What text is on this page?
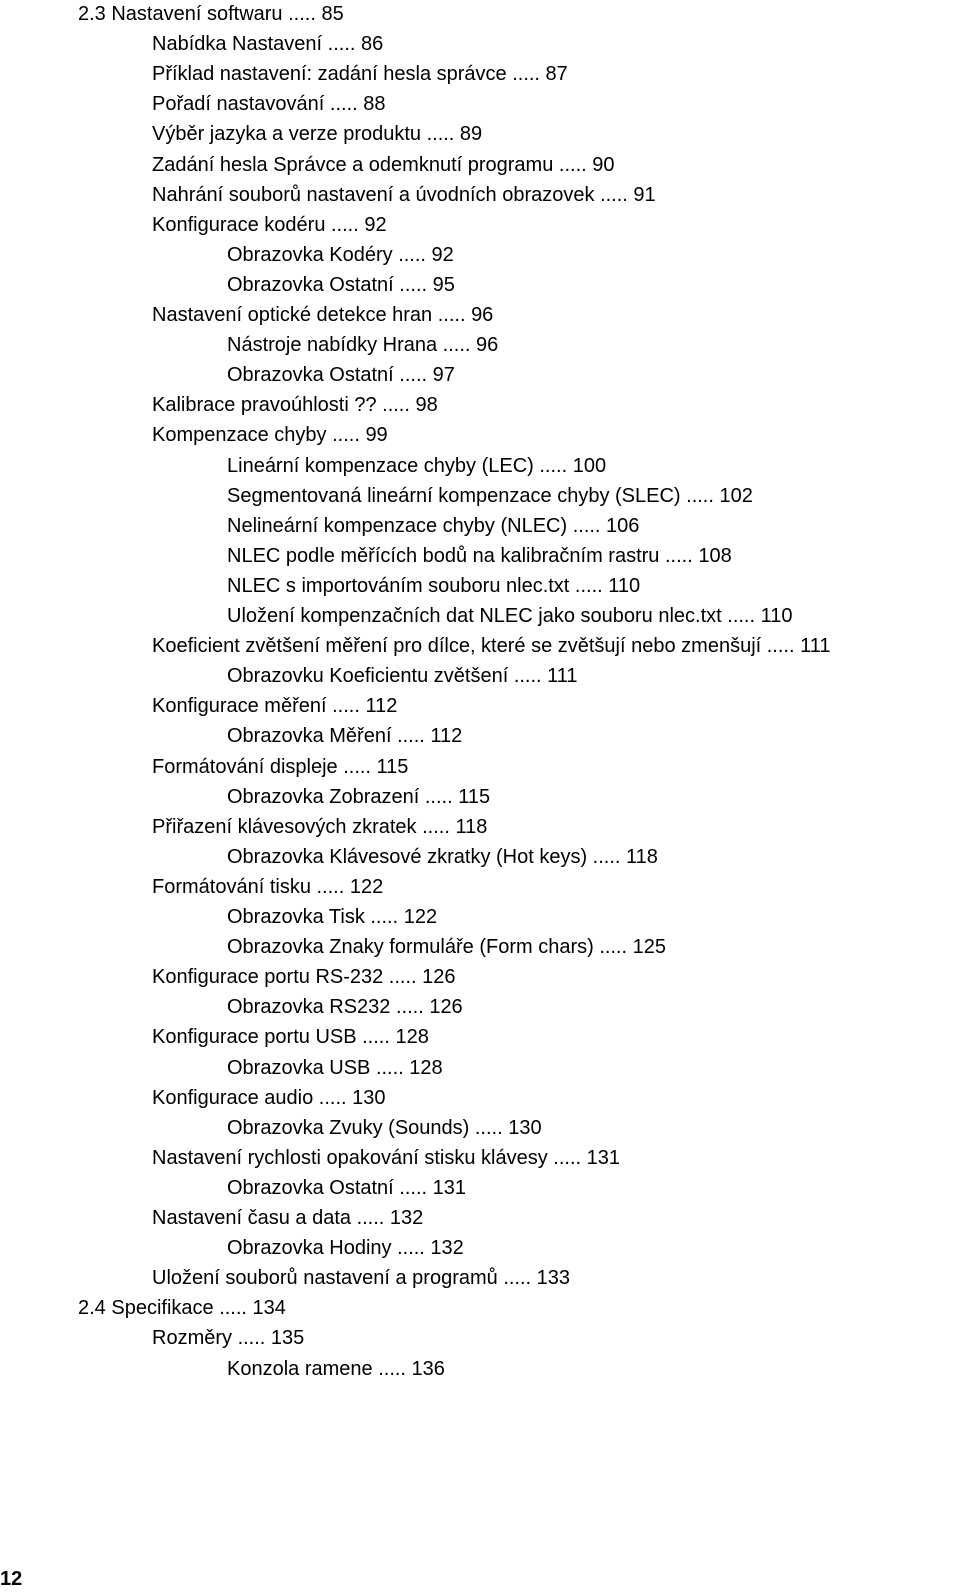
2.3 Nastavení softwaru ..... 85
Nabídka Nastavení ..... 86
Příklad nastavení: zadání hesla správce ..... 87
Pořadí nastavování ..... 88
Výběr jazyka a verze produktu ..... 89
Zadání hesla Správce a odemknutí programu ..... 90
Nahrání souborů nastavení a úvodních obrazovek ..... 91
Konfigurace kodéru ..... 92
Obrazovka Kodéry ..... 92
Obrazovka Ostatní ..... 95
Nastavení optické detekce hran ..... 96
Nástroje nabídky Hrana ..... 96
Obrazovka Ostatní ..... 97
Kalibrace pravoúhlosti ?? ..... 98
Kompenzace chyby ..... 99
Lineární kompenzace chyby (LEC) ..... 100
Segmentovaná lineární kompenzace chyby (SLEC) ..... 102
Nelineární kompenzace chyby (NLEC) ..... 106
NLEC podle měřících bodů na kalibračním rastru ..... 108
NLEC s importováním souboru nlec.txt ..... 110
Uložení kompenzačních dat NLEC jako souboru nlec.txt ..... 110
Koeficient zvětšení měření pro dílce, které se zvětšují nebo zmenšují ..... 111
Obrazovku Koeficientu zvětšení ..... 111
Konfigurace měření ..... 112
Obrazovka Měření ..... 112
Formátování displeje ..... 115
Obrazovka Zobrazení ..... 115
Přiřazení klávesových zkratek ..... 118
Obrazovka Klávesové zkratky (Hot keys) ..... 118
Formátování tisku ..... 122
Obrazovka Tisk ..... 122
Obrazovka Znaky formuláře (Form chars) ..... 125
Konfigurace portu RS-232 ..... 126
Obrazovka RS232 ..... 126
Konfigurace portu USB ..... 128
Obrazovka USB ..... 128
Konfigurace audio ..... 130
Obrazovka Zvuky (Sounds) ..... 130
Nastavení rychlosti opakování stisku klávesy ..... 131
Obrazovka Ostatní ..... 131
Nastavení času a data ..... 132
Obrazovka Hodiny ..... 132
Uložení souborů nastavení a programů ..... 133
2.4 Specifikace ..... 134
Rozměry ..... 135
Konzola ramene ..... 136
12
